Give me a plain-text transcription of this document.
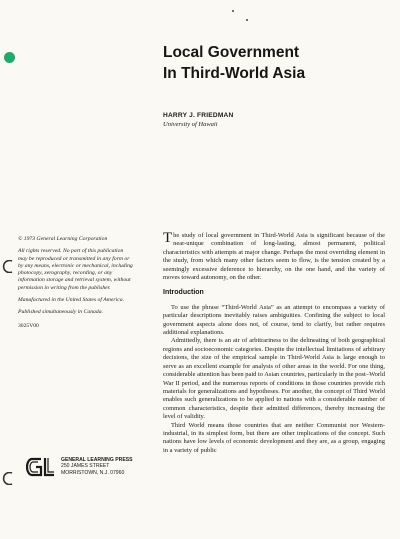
Local Government
In Third-World Asia
HARRY J. FRIEDMAN
University of Hawaii

© 1973 General Learning Corporation

All rights reserved. No part of this publication may be reproduced or transmitted in any form or by any means, electronic or mechanical, including photocopy, xerography, recording, or any information storage and retrieval system, without permission in writing from the publisher.

Manufactured in the United States of America.

Published simultaneously in Canada.

3025V00

GENERAL LEARNING PRESS
250 JAMES STREET
MORRISTOWN, N.J. 07960

The study of local government in Third-World Asia is significant because of the near-unique combination of long-lasting, almost permanent, political characteristics with attempts at major change. Perhaps the most overriding element in the study, from which many other factors seem to flow, is the tension created by a seemingly excessive deference to hierarchy, on the one hand, and the variety of moves toward autonomy, on the other.

Introduction

To use the phrase “Third-World Asia” as an attempt to encompass a variety of particular descriptions inevitably raises ambiguities. Confining the subject to local government aspects alone does not, of course, tend to clarify, but rather requires additional explanations.

Admittedly, there is an air of arbitrariness to the delineating of both geographical regions and socioeconomic categories. Despite the intellectual limitations of arbitrary decisions, the size of the empirical sample in Third-World Asia is large enough to serve as an excellent example for analysis of other areas in the world. For one thing, considerable attention has been paid to Asian countries, particularly in the post–World War II period, and the numerous reports of conditions in those countries provide rich materials for generalizations and hypotheses. For another, the concept of Third World enables such generalizations to be applied to nations with a considerable number of common characteristics, despite their admitted differences, thereby increasing the level of validity.

Third World means those countries that are neither Communist nor Western-industrial, in its simplest form, but there are other implications of the concept. Such nations have low levels of economic development and they are, as a group, engaging in a variety of public
